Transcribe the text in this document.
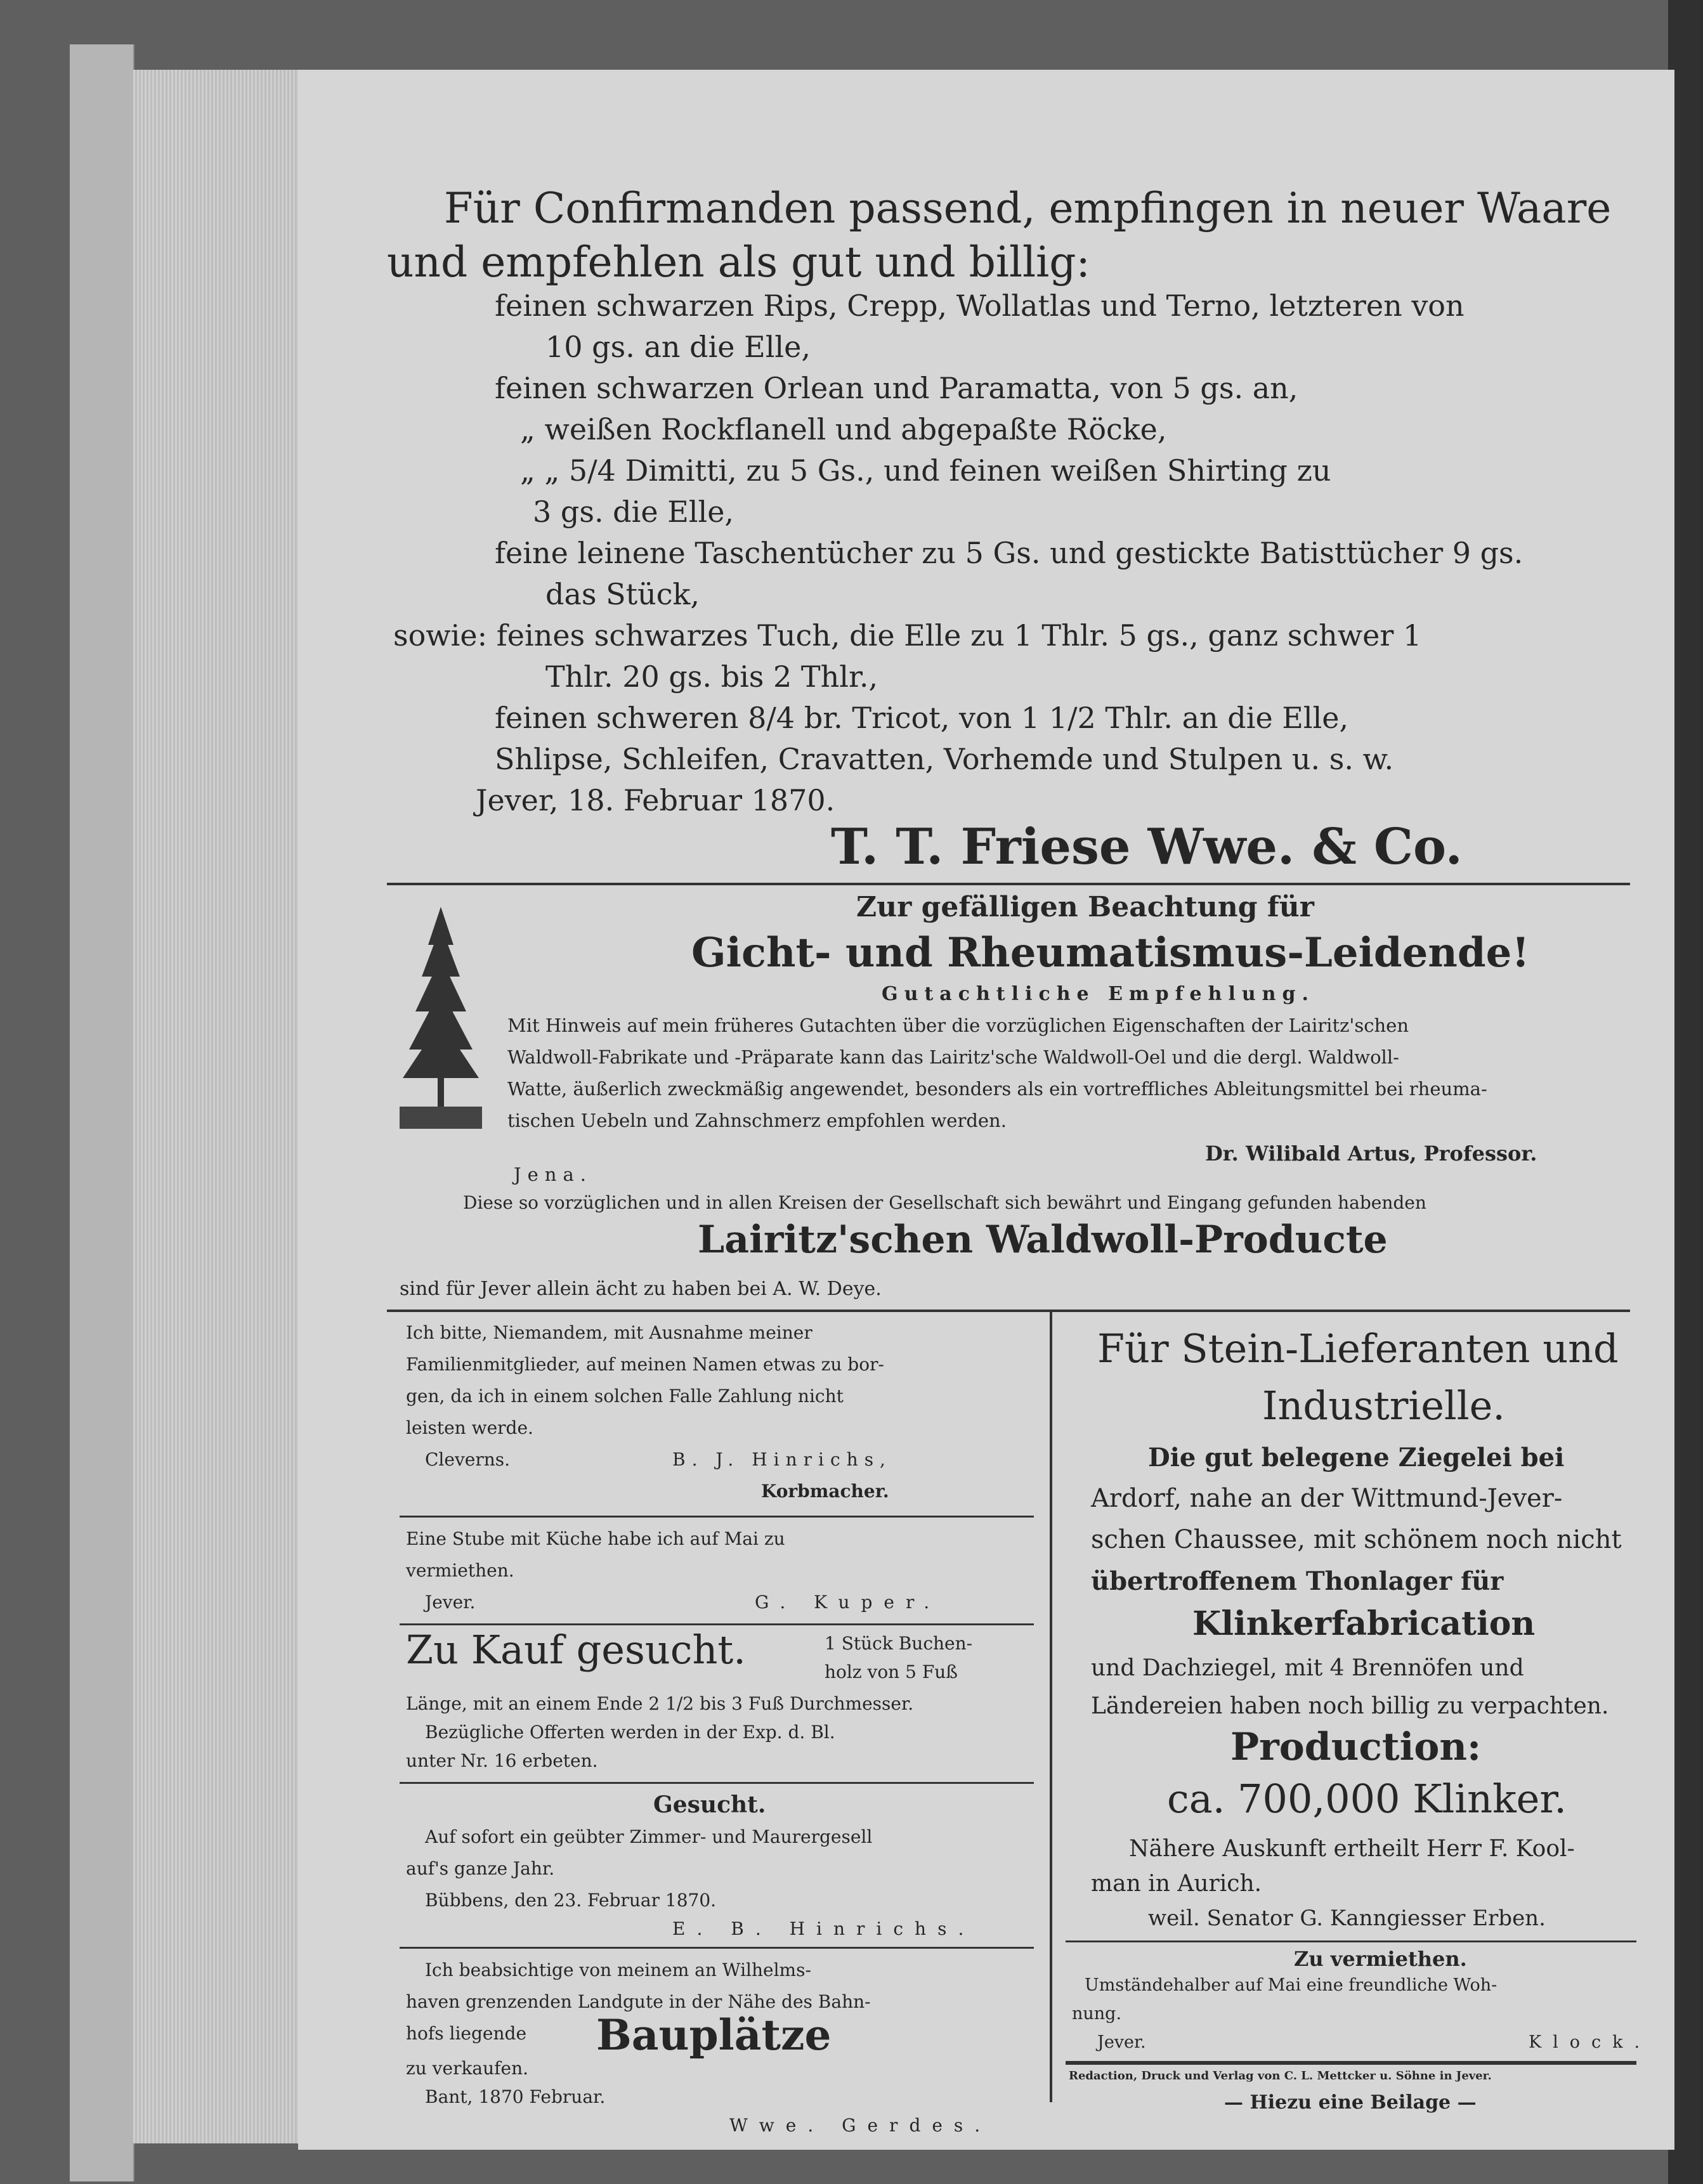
Für Confirmanden passend, empfingen in neuer Waare
und empfehlen als gut und billig:
feinen schwarzen Rips, Crepp, Wollatlas und Terno, letzteren von
10 gs. an die Elle,
feinen schwarzen Orlean und Paramatta, von 5 gs. an,
„ weißen Rockflanell und abgepaßte Röcke,
„ „ 5/4 Dimitti, zu 5 Gs., und feinen weißen Shirting zu
3 gs. die Elle,
feine leinene Taschentücher zu 5 Gs. und gestickte Batisttücher 9 gs.
das Stück,
sowie: feines schwarzes Tuch, die Elle zu 1 Thlr. 5 gs., ganz schwer 1
Thlr. 20 gs. bis 2 Thlr.,
feinen schweren 8/4 br. Tricot, von 1 1/2 Thlr. an die Elle,
Shlipse, Schleifen, Cravatten, Vorhemde und Stulpen u. s. w.
Jever, 18. Februar 1870.
T. T. Friese Wwe. & Co.
Zur gefälligen Beachtung für
Gicht- und Rheumatismus-Leidende!
Gutachtliche Empfehlung.
Mit Hinweis auf mein früheres Gutachten über die vorzüglichen Eigenschaften der Lairitz'schen
Waldwoll-Fabrikate und -Präparate kann das Lairitz'sche Waldwoll-Oel und die dergl. Waldwoll-
Watte, äußerlich zweckmäßig angewendet, besonders als ein vortreffliches Ableitungsmittel bei rheuma-
tischen Uebeln und Zahnschmerz empfohlen werden.
Dr. Wilibald Artus, Professor.
Jena.
Diese so vorzüglichen und in allen Kreisen der Gesellschaft sich bewährt und Eingang gefunden habenden
Lairitz'schen Waldwoll-Producte
sind für Jever allein ächt zu haben bei A. W. Deye.
Ich bitte, Niemandem, mit Ausnahme meiner
Familienmitglieder, auf meinen Namen etwas zu bor-
gen, da ich in einem solchen Falle Zahlung nicht
leisten werde.
Cleverns.	B. J. Hinrichs,
Korbmacher.
Eine Stube mit Küche habe ich auf Mai zu
vermiethen.
Jever.	G. Kuper.
Zu Kauf gesucht.	1 Stück Buchen-
holz von 5 Fuß
Länge, mit an einem Ende 2 1/2 bis 3 Fuß Durchmesser.
Bezügliche Offerten werden in der Exp. d. Bl.
unter Nr. 16 erbeten.
Gesucht.
Auf sofort ein geübter Zimmer- und Maurergesell
auf's ganze Jahr.
Bübbens, den 23. Februar 1870.
E. B. Hinrichs.
Ich beabsichtige von meinem an Wilhelms-
haven grenzenden Landgute in der Nähe des Bahn-
hofs liegende Bauplätze
zu verkaufen.
Bant, 1870 Februar.
Wwe. Gerdes.
Für Stein-Lieferanten und
Industrielle.
Die gut belegene Ziegelei bei
Ardorf, nahe an der Wittmund-Jever-
schen Chaussee, mit schönem noch nicht
übertroffenem Thonlager für
Klinkerfabrication
und Dachziegel, mit 4 Brennöfen und
Ländereien haben noch billig zu verpachten.
Production:
ca. 700,000 Klinker.
Nähere Auskunft ertheilt Herr F. Kool-
man in Aurich.
weil. Senator G. Kanngiesser Erben.
Zu vermiethen.
Umständehalber auf Mai eine freundliche Woh-
nung.
Jever.	Klock.
Redaction, Druck und Verlag von C. L. Mettcker u. Söhne in Jever.
— Hiezu eine Beilage —
